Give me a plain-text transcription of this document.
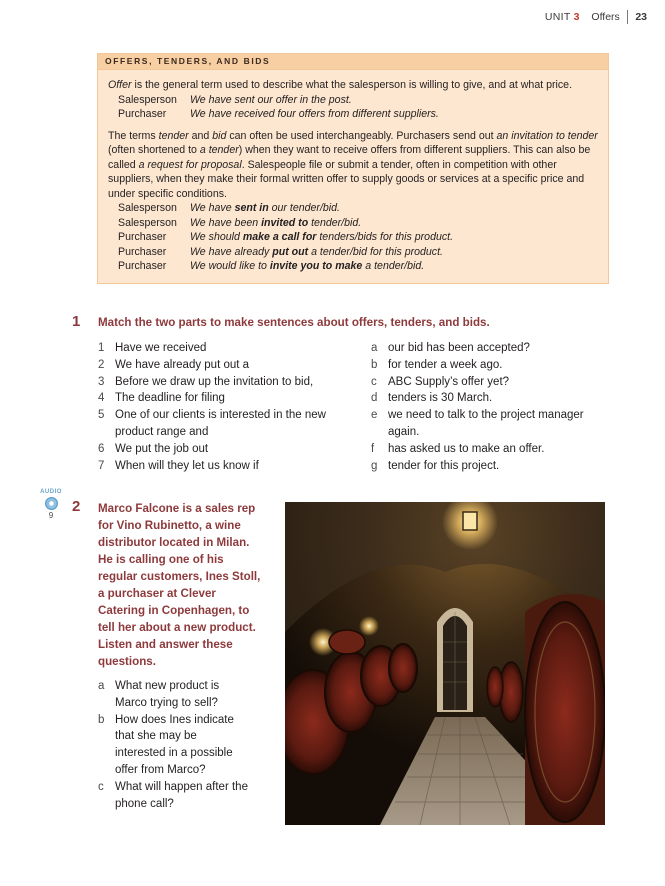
UNIT 3 Offers 23
OFFERS, TENDERS, AND BIDS

Offer is the general term used to describe what the salesperson is willing to give, and at what price.

Salesperson	We have sent our offer in the post.
Purchaser	We have received four offers from different suppliers.

The terms tender and bid can often be used interchangeably. Purchasers send out an invitation to tender (often shortened to a tender) when they want to receive offers from different suppliers. This can also be called a request for proposal. Salespeople file or submit a tender, often in competition with other suppliers, when they make their formal written offer to supply goods or services at a specific price and under specific conditions.

Salesperson	We have sent in our tender/bid.
Salesperson	We have been invited to tender/bid.
Purchaser	We should make a call for tenders/bids for this product.
Purchaser	We have already put out a tender/bid for this product.
Purchaser	We would like to invite you to make a tender/bid.
1 Match the two parts to make sentences about offers, tenders, and bids.
1 Have we received
2 We have already put out a
3 Before we draw up the invitation to bid,
4 The deadline for filing
5 One of our clients is interested in the new product range and
6 We put the job out
7 When will they let us know if
a our bid has been accepted?
b for tender a week ago.
c ABC Supply’s offer yet?
d tenders is 30 March.
e we need to talk to the project manager again.
f	has asked us to make an offer.
g tender for this project.
AUDIO
9
2 Marco Falcone is a sales rep for Vino Rubinetto, a wine distributor located in Milan. He is calling one of his regular customers, Ines Stoll, a purchaser at Clever Catering in Copenhagen, to tell her about a new product. Listen and answer these questions.
a What new product is Marco trying to sell?
b How does Ines indicate that she may be interested in a possible offer from Marco?
c What will happen after the phone call?
